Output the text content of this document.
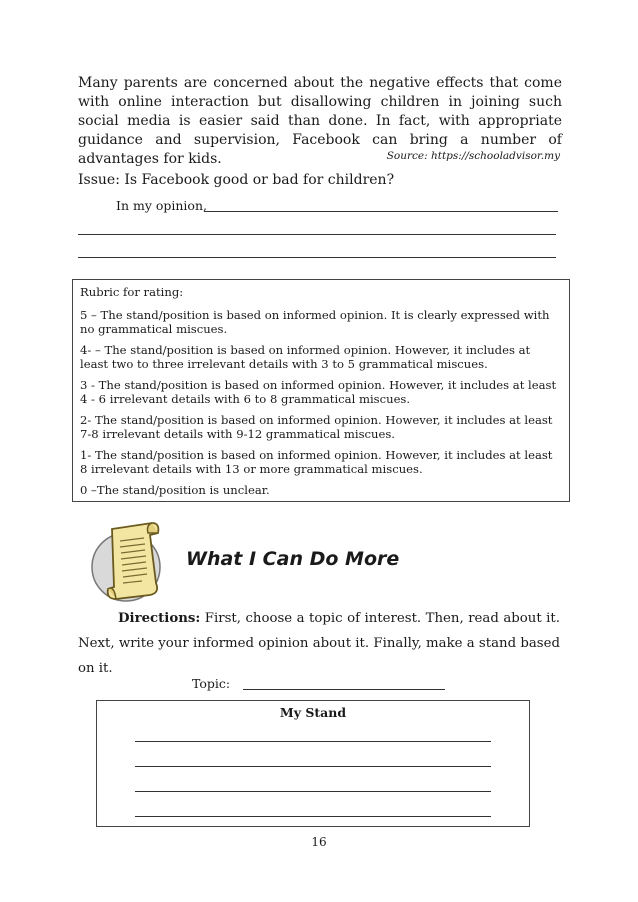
Many parents are concerned about the negative effects that come with online interaction but disallowing children in joining such social media is easier said than done. In fact, with appropriate guidance and supervision, Facebook can bring a number of advantages for kids.	Source: https://schooladvisor.my
Issue: Is Facebook good or bad for children?
In my opinion,

Rubric for rating:

5 – The stand/position is based on informed opinion. It is clearly expressed with no grammatical miscues.

4- – The stand/position is based on informed opinion. However, it includes at least two to three irrelevant details with 3 to 5 grammatical miscues.

3 - The stand/position is based on informed opinion. However, it includes at least 4 - 6 irrelevant details with 6 to 8 grammatical miscues.

2- The stand/position is based on informed opinion. However, it includes at least 7-8 irrelevant details with 9-12 grammatical miscues.

1- The stand/position is based on informed opinion. However, it includes at least 8 irrelevant details with 13 or more grammatical miscues.

0 –The stand/position is unclear.

What I Can Do More
Directions: First, choose a topic of interest. Then, read about it. Next, write your informed opinion about it. Finally, make a stand based on it.
Topic:
My Stand
16
